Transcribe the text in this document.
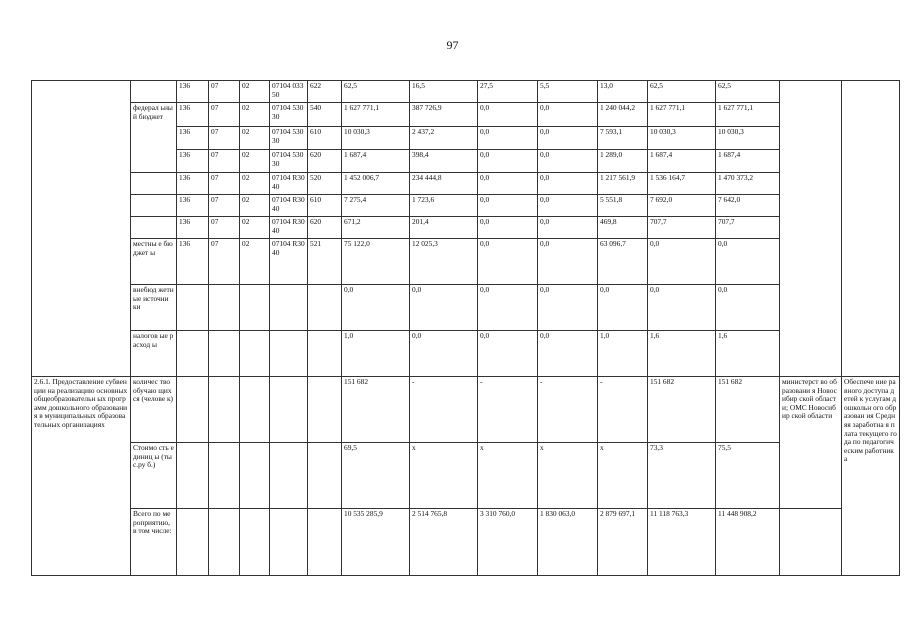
97
		136	07	02	07104 03350	622	62,5	16,5	27,5	5,5	13,0	62,5	62,5		
	федерал ьный бюджет	136	07	02	07104 53030	540	1 627 771,1	387 726,9	0,0	0,0	1 240 044,2	1 627 771,1	1 627 771,1		
		136	07	02	07104 53030	610	10 030,3	2 437,2	0,0	0,0	7 593,1	10 030,3	10 030,3		
		136	07	02	07104 53030	620	1 687,4	398,4	0,0	0,0	1 289,0	1 687,4	1 687,4		
		136	07	02	07104 R3040	520	1 452 006,7	234 444,8	0,0	0,0	1 217 561,9	1 536 164,7	1 470 373,2		
		136	07	02	07104 R3040	610	7 275,4	1 723,6	0,0	0,0	5 551,8	7 692,0	7 642,0		
		136	07	02	07104 R3040	620	671,2	201,4	0,0	0,0	469,8	707,7	707,7		
	местны е бюджет ы	136	07	02	07104 R3040	521	75 122,0	12 025,3	0,0	0,0	63 096,7	0,0	0,0		
	внебюд жетные источни ки						0,0	0,0	0,0	0,0	0,0	0,0	0,0		
	налогов ые расход ы						1,0	0,0	0,0	0,0	1,0	1,6	1,6		
2.6.1. Предоставление субвенции на реализацию основных общеобразовательн ых программ дошкольного образования в муниципальных образовательных организациях	количес тво обучаю щихся (челове к)						151 682	-	-	-	-	151 682	151 682	министерст во образовани я Новосибир ской области; ОМС Новосибир ской области	Обеспече ние равного доступа детей к услугам дошкольн ого образован ия Средняя заработна я плата текущего года по педагогич еским работника
	Стоимо сть единиц ы (тыс.ру б.)						69,5	x	x	x	x	73,3	75,5		
	Всего по мероприятию, в том числе:						10 535 285,9	2 514 765,8	3 310 760,0	1 830 063,0	2 879 697,1	11 118 763,3	11 448 908,2		
